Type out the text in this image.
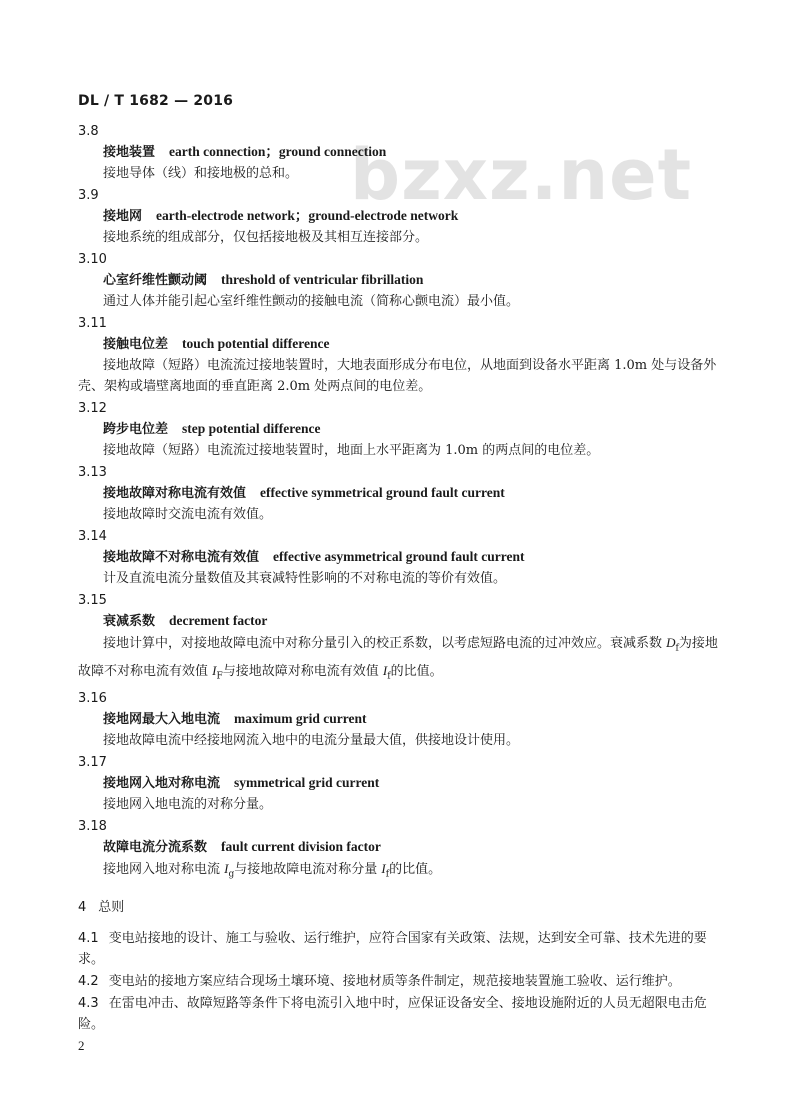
DL / T 1682 — 2016
bzxz.net
3.8
接地装置 earth connection；ground connection
接地导体（线）和接地极的总和。
3.9
接地网 earth-electrode network；ground-electrode network
接地系统的组成部分，仅包括接地极及其相互连接部分。
3.10
心室纤维性颤动阈 threshold of ventricular fibrillation
通过人体并能引起心室纤维性颤动的接触电流（简称心颤电流）最小值。
3.11
接触电位差 touch potential difference
接地故障（短路）电流流过接地装置时，大地表面形成分布电位，从地面到设备水平距离 1.0m 处与设备外壳、架构或墙壁离地面的垂直距离 2.0m 处两点间的电位差。
3.12
跨步电位差 step potential difference
接地故障（短路）电流流过接地装置时，地面上水平距离为 1.0m 的两点间的电位差。
3.13
接地故障对称电流有效值 effective symmetrical ground fault current
接地故障时交流电流有效值。
3.14
接地故障不对称电流有效值 effective asymmetrical ground fault current
计及直流电流分量数值及其衰减特性影响的不对称电流的等价有效值。
3.15
衰减系数 decrement factor
接地计算中，对接地故障电流中对称分量引入的校正系数，以考虑短路电流的过冲效应。衰减系数 $D_f$为接地故障不对称电流有效值 $I_F$与接地故障对称电流有效值 $I_f$的比值。
3.16
接地网最大入地电流 maximum grid current
接地故障电流中经接地网流入地中的电流分量最大值，供接地设计使用。
3.17
接地网入地对称电流 symmetrical grid current
接地网入地电流的对称分量。
3.18
故障电流分流系数 fault current division factor
接地网入地对称电流 $I_g$与接地故障电流对称分量 $I_f$的比值。
4 总则
4.1 变电站接地的设计、施工与验收、运行维护，应符合国家有关政策、法规，达到安全可靠、技术先进的要求。
4.2 变电站的接地方案应结合现场土壤环境、接地材质等条件制定，规范接地装置施工验收、运行维护。
4.3 在雷电冲击、故障短路等条件下将电流引入地中时，应保证设备安全、接地设施附近的人员无超限电击危险。
2
